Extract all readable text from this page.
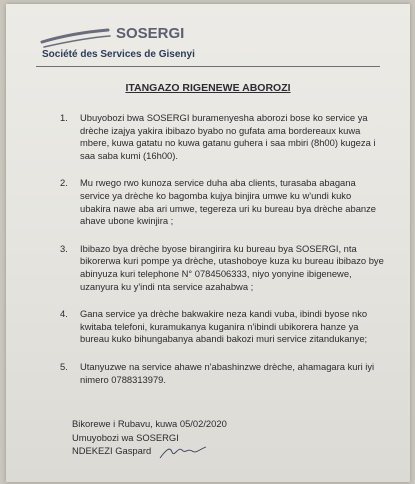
SOSERGI
Société des Services de Gisenyi
ITANGAZO RIGENEWE ABOROZI
1.	Ubuyobozi bwa SOSERGI buramenyesha aborozi bose ko service ya drèche izajya yakira ibibazo byabo no gufata ama bordereaux kuwa mbere, kuwa gatatu no kuwa gatanu guhera i saa mbiri (8h00) kugeza i saa saba kumi (16h00).
2.	Mu rwego rwo kunoza service duha aba clients, turasaba abagana service ya drèche ko bagomba kujya binjira umwe ku w'undi kuko ubakira nawe aba ari umwe, tegereza uri ku bureau bya drèche abanze ahave ubone kwinjira ;
3.	Ibibazo bya drèche byose birangirira ku bureau bya SOSERGI, nta bikorerwa kuri pompe ya drèche, utashoboye kuza ku bureau ibibazo bye abinyuza kuri telephone N° 0784506333, niyo yonyine ibigenewe, uzanyura ku y'indi nta service azahabwa ;
4.	Gana service ya drèche bakwakire neza kandi vuba, ibindi byose nko kwitaba telefoni, kuramukanya kuganira n'ibindi ubikorera hanze ya bureau kuko bihungabanya abandi bakozi muri service zitandukanye;
5.	Utanyuzwe na service ahawe n'abashinzwe drèche, ahamagara kuri iyi nimero 0788313979.
Bikorewe i Rubavu, kuwa 05/02/2020
Umuyobozi wa SOSERGI
NDEKEZI Gaspard
